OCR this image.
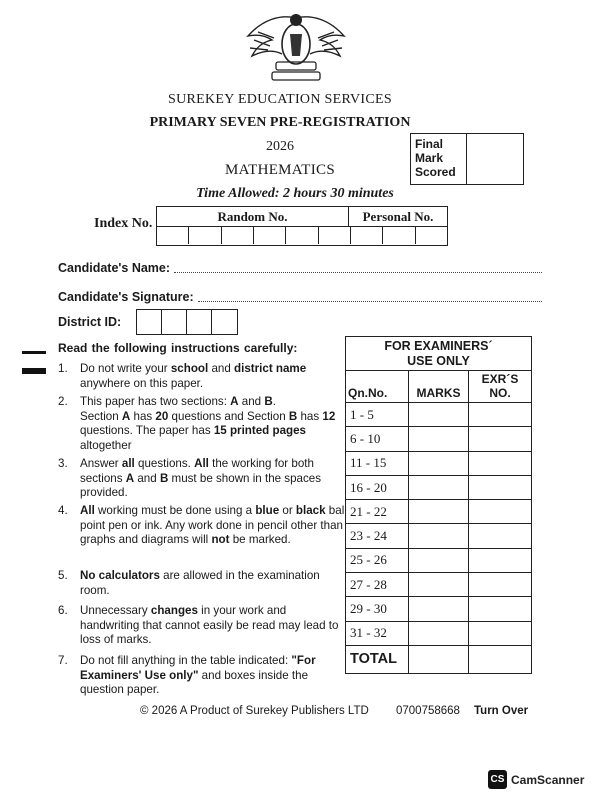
SUREKEY EDUCATION SERVICES
PRIMARY SEVEN PRE-REGISTRATION
2026
MATHEMATICS
Time Allowed: 2 hours 30 minutes
Final
Mark
Scored
Index No.	Random No.	Personal No.
Candidate's Name:
Candidate's Signature:
District ID:
Read the following instructions carefully:
1.	Do not write your school and district name anywhere on this paper.
2.	This paper has two sections: A and B.
Section A has 20 questions and Section B has 12 questions. The paper has 15 printed pages altogether
3.	Answer all questions. All the working for both sections A and B must be shown in the spaces provided.
4.	All working must be done using a blue or black ball point pen or ink. Any work done in pencil other than graphs and diagrams will not be marked.
5.	No calculators are allowed in the examination room.
6.	Unnecessary changes in your work and handwriting that cannot easily be read may lead to loss of marks.
7.	Do not fill anything in the table indicated: "For Examiners' Use only" and boxes inside the question paper.
FOR EXAMINERS´
USE ONLY		

Qn.No.	MARKS	EXR´S
NO.

1 - 5		
6 - 10		
11 - 15		
16 - 20		
21 - 22		
23 - 24		
25 - 26		
27 - 28		
29 - 30		
31 - 32		
TOTAL		
© 2026 A Product of Surekey Publishers LTD 0700758668 Turn Over
CS CamScanner
